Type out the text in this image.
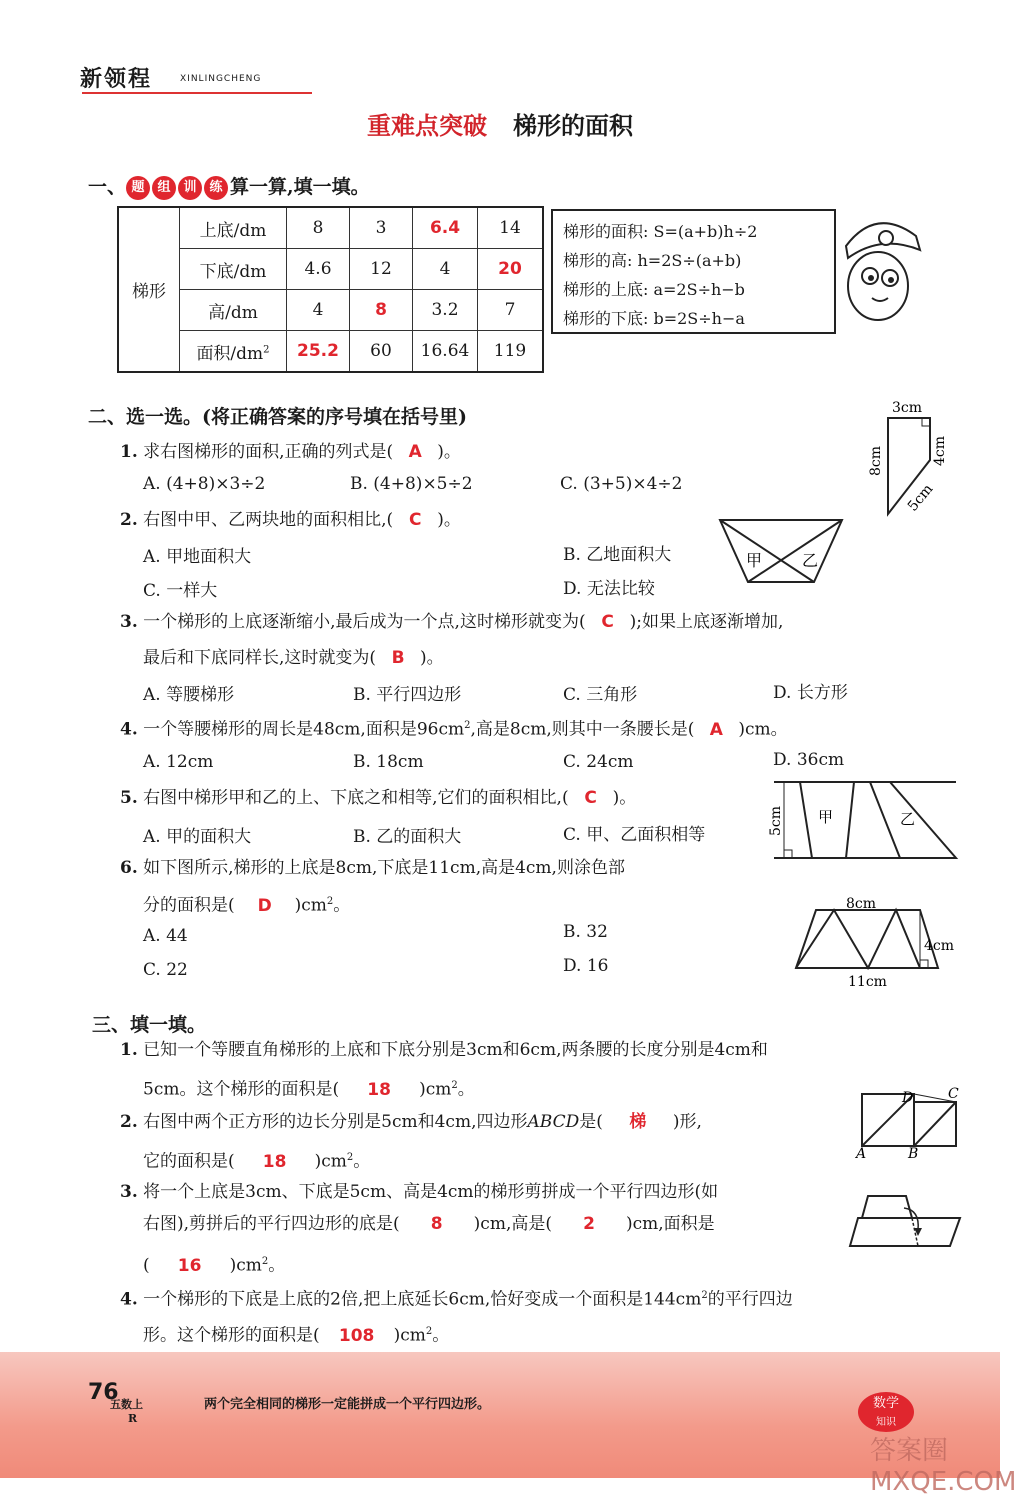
新领程	XINLINGCHENG
重难点突破 梯形的面积
一、 题 组 训 练 算一算,填一填。
梯形	上底/dm	8	3	6.4	14
	下底/dm	4.6	12	4	20
	高/dm	4	8	3.2	7
	面积$/dm^2$	25.2	60	16.64	119
梯形的面积: S=(a+b)h÷2
梯形的高: h=2S÷(a+b)
梯形的上底: a=2S÷h−b
梯形的下底: b=2S÷h−a
二、选一选。(将正确答案的序号填在括号里)
1. 求右图梯形的面积,正确的列式是( A )。
A. (4+8)×3÷2	B. (4+8)×5÷2	C. (3+5)×4÷2
3cm
8cm	4cm
5cm
2. 右图中甲、乙两块地的面积相比,( C )。
A. 甲地面积大	B. 乙地面积大
C. 一样大	D. 无法比较
甲 乙
3. 一个梯形的上底逐渐缩小,最后成为一个点,这时梯形就变为( C );如果上底逐渐增加,
最后和下底同样长,这时就变为( B )。
A. 等腰梯形	B. 平行四边形	C. 三角形	D. 长方形
4. 一个等腰梯形的周长是48cm,面积是$96cm^2$,高是8cm,则其中一条腰长是( A )cm。
A. 12cm	B. 18cm	C. 24cm	D. 36cm
5. 右图中梯形甲和乙的上、下底之和相等,它们的面积相比,( C )。
A. 甲的面积大	B. 乙的面积大	C. 甲、乙面积相等	5cm 甲	乙
6. 如下图所示,梯形的上底是8cm,下底是11cm,高是4cm,则涂色部
分的面积是( D )$cm^2$。
A. 44	B. 32
C. 22	D. 16
8cm
4cm
11cm
三、填一填。
1. 已知一个等腰直角梯形的上底和下底分别是3cm和6cm,两条腰的长度分别是4cm和
5cm。这个梯形的面积是( 18 )$cm^2$。
2. 右图中两个正方形的边长分别是5cm和4cm,四边形ABCD是( 梯 )形,
它的面积是( 18 )$cm^2$。	A	B
D C
3. 将一个上底是3cm、下底是5cm、高是4cm的梯形剪拼成一个平行四边形(如
右图),剪拼后的平行四边形的底是( 8 )cm,高是( 2 )cm,面积是
( 16 )$cm^2$。
4. 一个梯形的下底是上底的2倍,把上底延长6cm,恰好变成一个面积是$144cm^2$的平行四边
形。这个梯形的面积是( 108 )$cm^2$。
76
五数上
R
两个完全相同的梯形一定能拼成一个平行四边形。	数学
知识
答案圈 MXQE.COM
